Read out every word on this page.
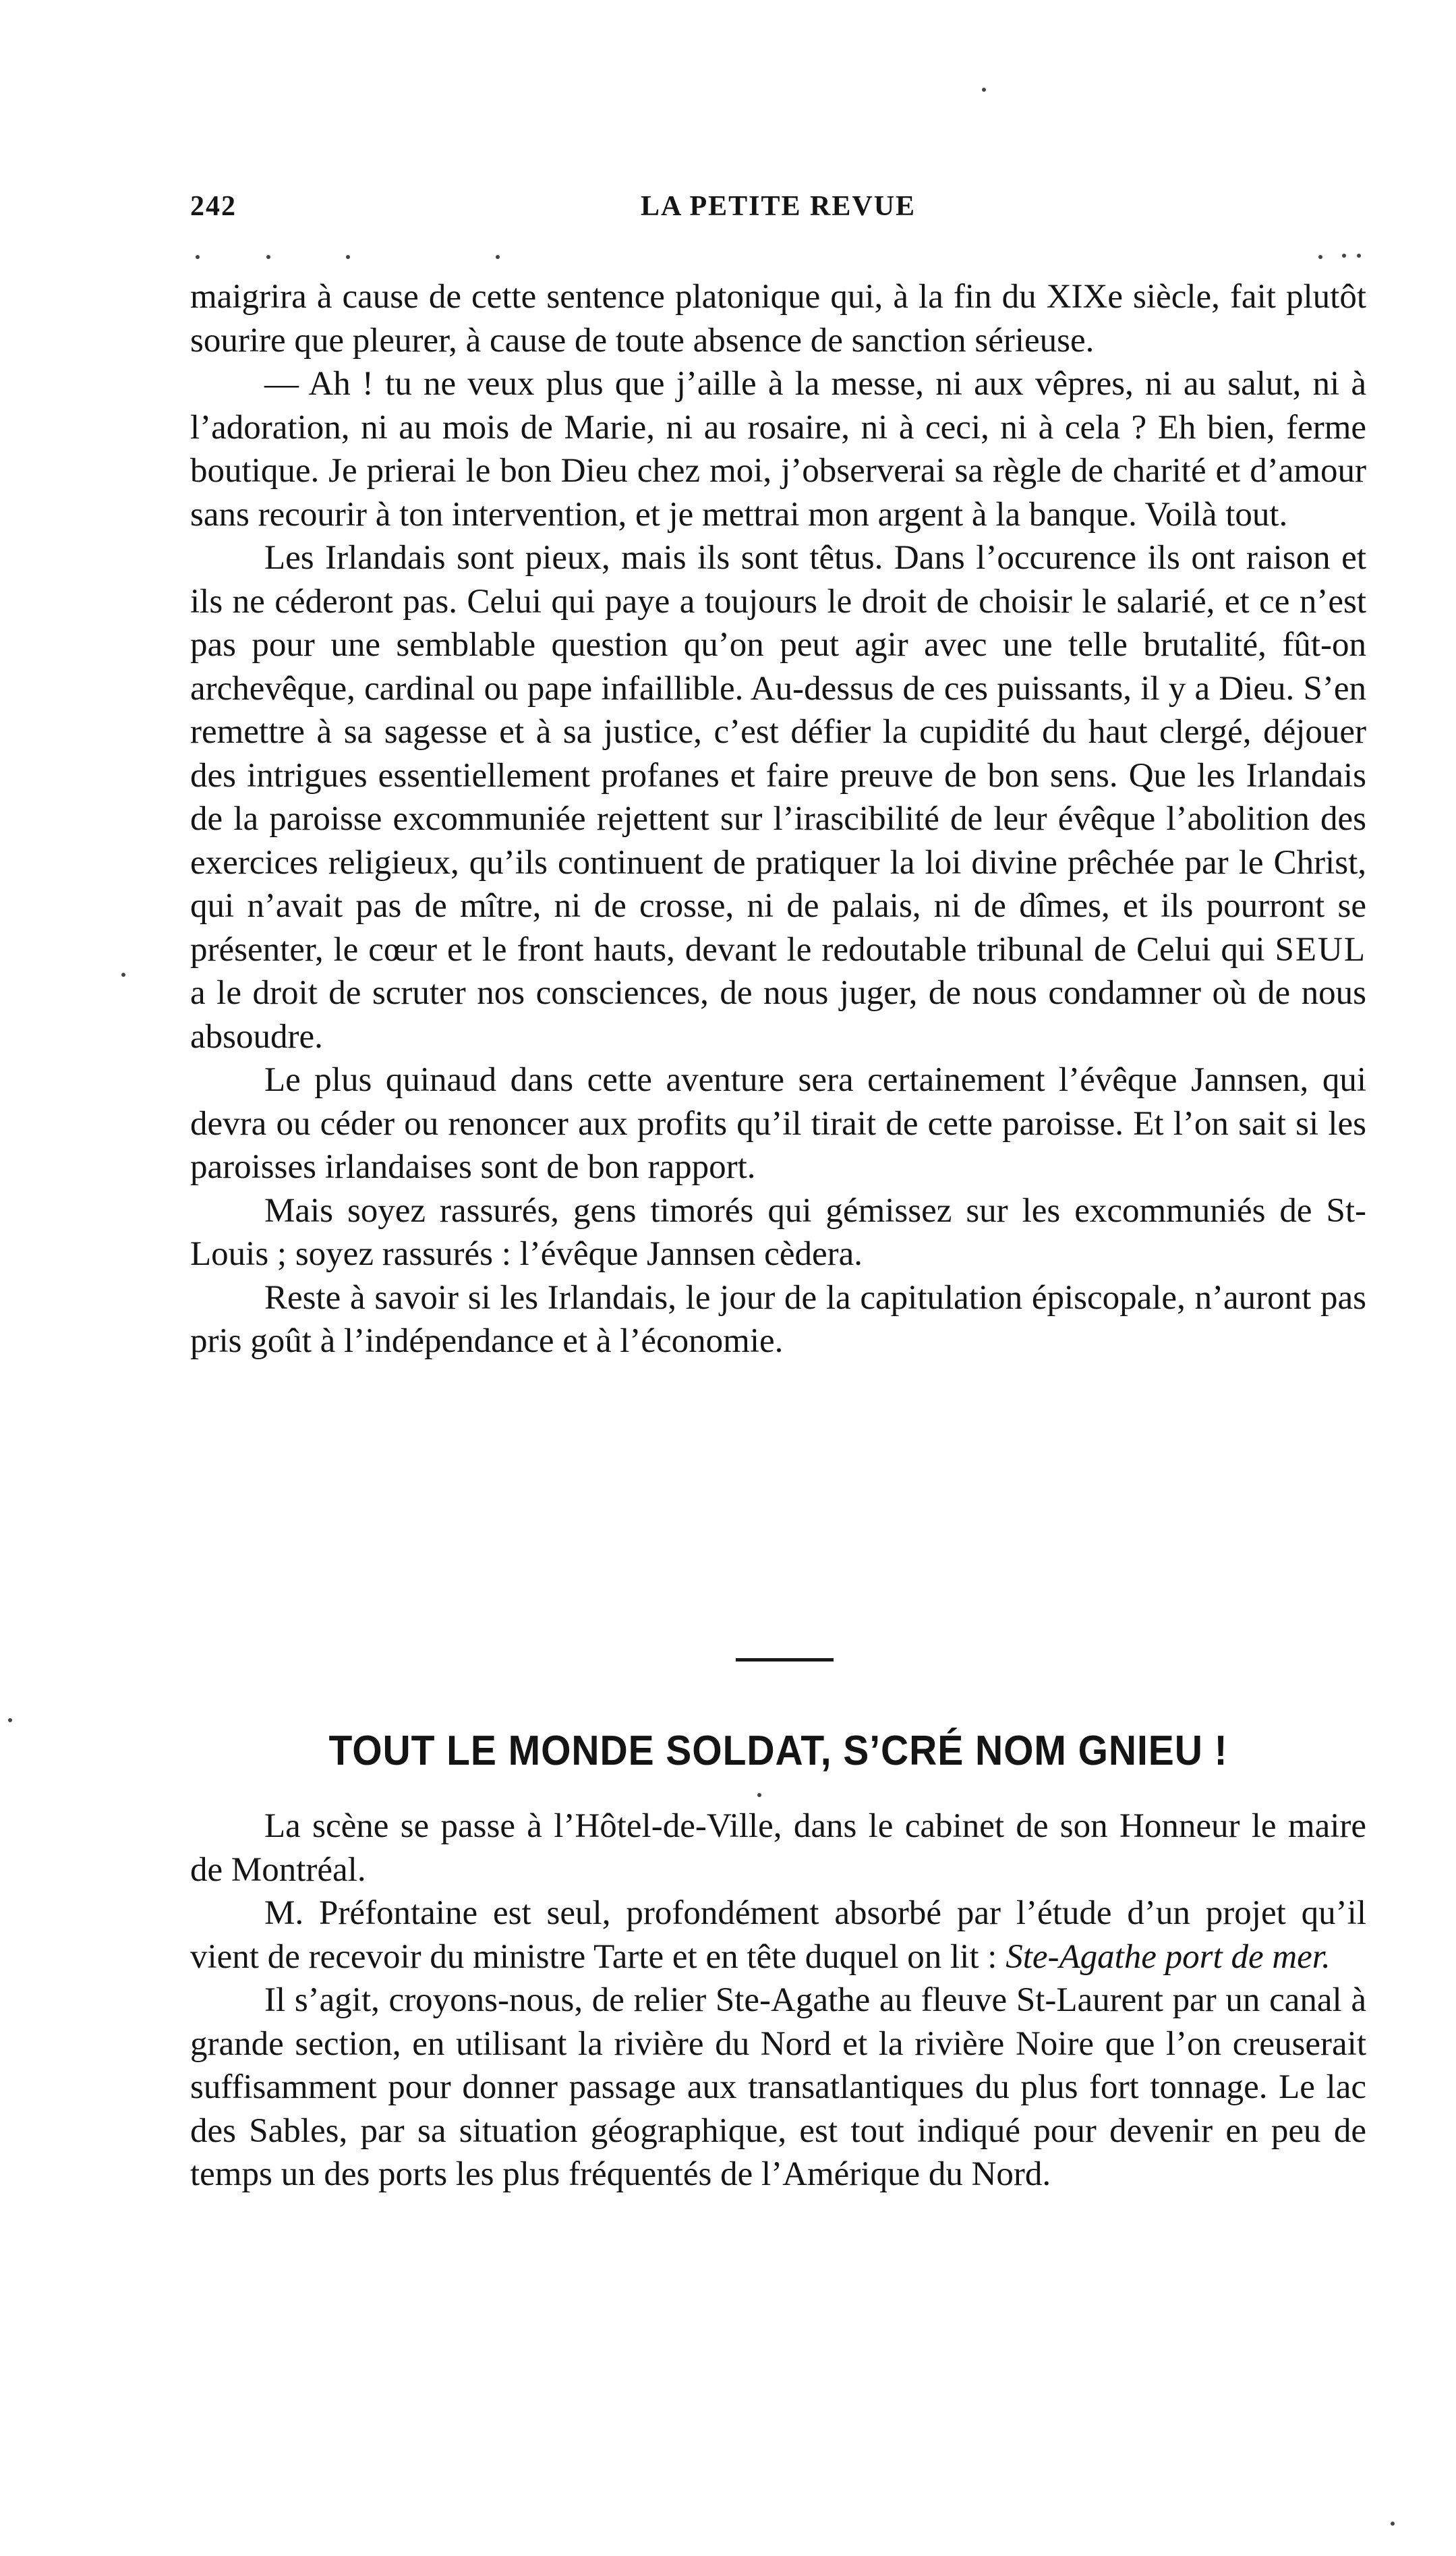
242	LA PETITE REVUE

maigrira à cause de cette sentence platonique qui, à la fin du XIXe siècle, fait plutôt sourire que pleurer, à cause de toute absence de sanction sérieuse.

— Ah ! tu ne veux plus que j’aille à la messe, ni aux vêpres, ni au salut, ni à l’adoration, ni au mois de Marie, ni au rosaire, ni à ceci, ni à cela ? Eh bien, ferme boutique. Je prierai le bon Dieu chez moi, j’observerai sa règle de charité et d’amour sans recourir à ton intervention, et je mettrai mon argent à la banque. Voilà tout.

Les Irlandais sont pieux, mais ils sont têtus. Dans l’occurence ils ont raison et ils ne céderont pas. Celui qui paye a toujours le droit de choisir le salarié, et ce n’est pas pour une semblable question qu’on peut agir avec une telle brutalité, fût-on archevêque, cardinal ou pape infaillible. Au-dessus de ces puissants, il y a Dieu. S’en remettre à sa sagesse et à sa justice, c’est défier la cupidité du haut clergé, déjouer des intrigues essentiellement profanes et faire preuve de bon sens. Que les Irlandais de la paroisse excommuniée rejettent sur l’irascibilité de leur évêque l’abolition des exercices religieux, qu’ils continuent de pratiquer la loi divine prêchée par le Christ, qui n’avait pas de mître, ni de crosse, ni de palais, ni de dîmes, et ils pourront se présenter, le cœur et le front hauts, devant le redoutable tribunal de Celui qui SEUL a le droit de scruter nos consciences, de nous juger, de nous condamner où de nous absoudre.

Le plus quinaud dans cette aventure sera certainement l’évêque Jannsen, qui devra ou céder ou renoncer aux profits qu’il tirait de cette paroisse. Et l’on sait si les paroisses irlandaises sont de bon rapport.

Mais soyez rassurés, gens timorés qui gémissez sur les excommuniés de St-Louis ; soyez rassurés : l’évêque Jannsen cèdera.

Reste à savoir si les Irlandais, le jour de la capitulation épiscopale, n’auront pas pris goût à l’indépendance et à l’économie.

TOUT LE MONDE SOLDAT, S’CRÉ NOM GNIEU !

La scène se passe à l’Hôtel-de-Ville, dans le cabinet de son Honneur le maire de Montréal.

M. Préfontaine est seul, profondément absorbé par l’étude d’un projet qu’il vient de recevoir du ministre Tarte et en tête duquel on lit : Ste-Agathe port de mer.

Il s’agit, croyons-nous, de relier Ste-Agathe au fleuve St-Laurent par un canal à grande section, en utilisant la rivière du Nord et la rivière Noire que l’on creuserait suffisamment pour donner passage aux transatlantiques du plus fort tonnage. Le lac des Sables, par sa situation géographique, est tout indiqué pour devenir en peu de temps un des ports les plus fréquentés de l’Amérique du Nord.
